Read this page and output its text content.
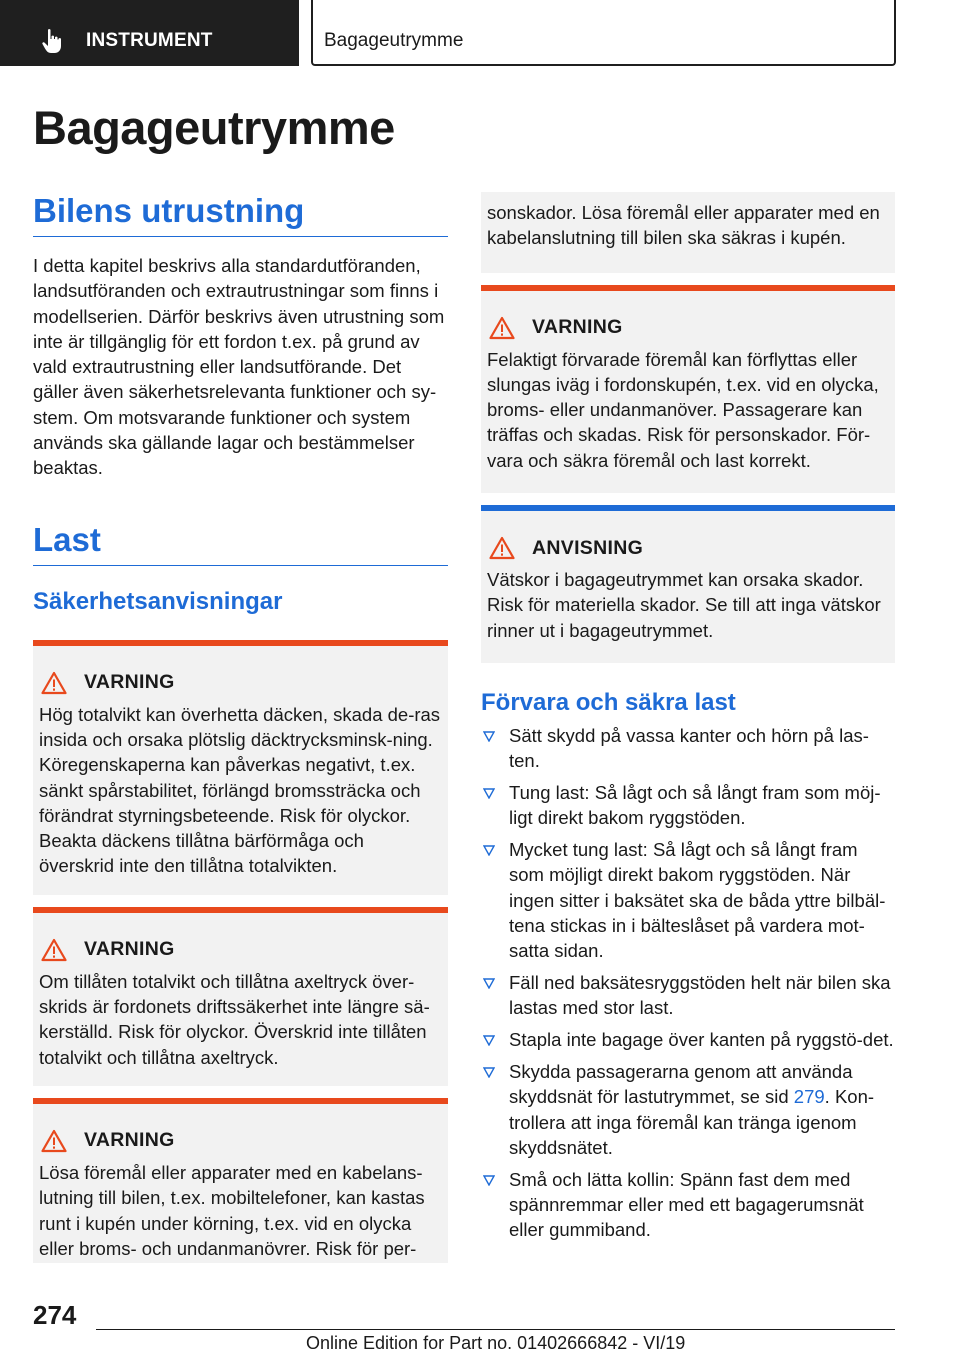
INSTRUMENT	Bagageutrymme
Bagageutrymme
Bilens utrustning

I detta kapitel beskrivs alla standardutföranden, landsutföranden och extrautrustningar som finns i modellserien. Därför beskrivs även utrustning som inte är tillgänglig för ett fordon t.ex. på grund av vald extrautrustning eller landsutförande. Det gäller även säkerhetsrelevanta funktioner och sy-stem. Om motsvarande funktioner och system används ska gällande lagar och bestämmelser beaktas.

Last
Säkerhetsanvisningar
VARNING
Hög totalvikt kan överhetta däcken, skada de-ras insida och orsaka plötslig däcktrycksminsk-ning. Köregenskaperna kan påverkas negativt, t.ex. sänkt spårstabilitet, förlängd bromssträcka och förändrat styrningsbeteende. Risk för olyckor. Beakta däckens tillåtna bärförmåga och överskrid inte den tillåtna totalvikten.
VARNING
Om tillåten totalvikt och tillåtna axeltryck över-skrids är fordonets driftssäkerhet inte längre sä-kerställd. Risk för olyckor. Överskrid inte tillåten totalvikt och tillåtna axeltryck.
VARNING
Lösa föremål eller apparater med en kabelans-lutning till bilen, t.ex. mobiltelefoner, kan kastas runt i kupén under körning, t.ex. vid en olycka eller broms- och undanmanövrer. Risk för per-
sonskador. Lösa föremål eller apparater med en kabelanslutning till bilen ska säkras i kupén.
VARNING
Felaktigt förvarade föremål kan förflyttas eller slungas iväg i fordonskupén, t.ex. vid en olycka, broms- eller undanmanöver. Passagerare kan träffas och skadas. Risk för personskador. För-vara och säkra föremål och last korrekt.
ANVISNING
Vätskor i bagageutrymmet kan orsaka skador. Risk för materiella skador. Se till att inga vätskor rinner ut i bagageutrymmet.
Förvara och säkra last
Sätt skydd på vassa kanter och hörn på las-ten.
Tung last: Så lågt och så långt fram som möj-ligt direkt bakom ryggstöden.
Mycket tung last: Så lågt och så långt fram som möjligt direkt bakom ryggstöden. När ingen sitter i baksätet ska de båda yttre bilbäl-tena stickas in i bälteslåset på vardera mot-satta sidan.
Fäll ned baksätesryggstöden helt när bilen ska lastas med stor last.
Stapla inte bagage över kanten på ryggstö-det.
Skydda passagerarna genom att använda skyddsnät för lastutrymmet, se sid 279. Kon-trollera att inga föremål kan tränga igenom skyddsnätet.
Små och lätta kollin: Spänn fast dem med spännremmar eller med ett bagagerumsnät eller gummiband.
274
Online Edition for Part no. 01402666842 - VI/19
